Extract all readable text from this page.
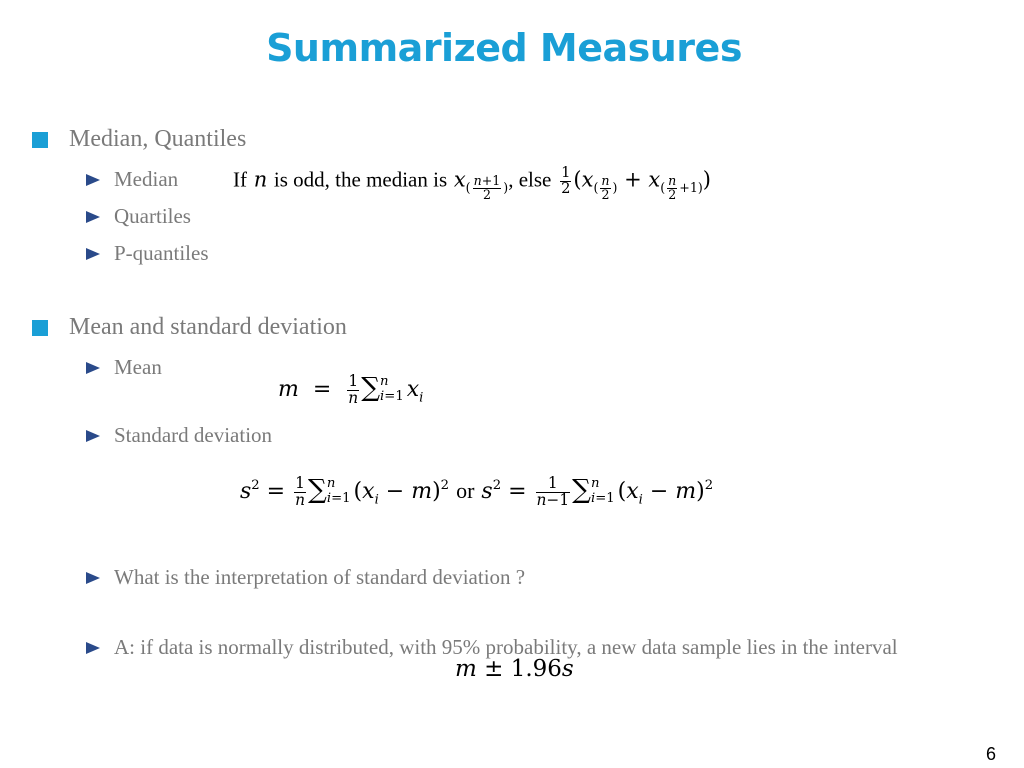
Summarized Measures
Median, Quantiles
Median
Quartiles
P-quantiles
If n is odd, the median is $x_{( \frac{n+1}{2} )}$, else $\frac{1}{2} (x_{( \frac{n}{2} )} + x_{( \frac{n}{2} +1)})$
Mean and standard deviation
Mean
$m = \frac{1}{n}$ ∑ n
i=1 $x_i$
Standard deviation
$s^2 = \frac{1}{n}$ ∑ n
i=1 $(x_i - m)^2$ or $s^2 = \frac{1}{n-1}$ ∑ n
i=1 $(x_i - m)^2$
What is the interpretation of standard deviation ?
A: if data is normally distributed, with 95% probability, a new data sample lies in the interval
m ± 1.96s
6
